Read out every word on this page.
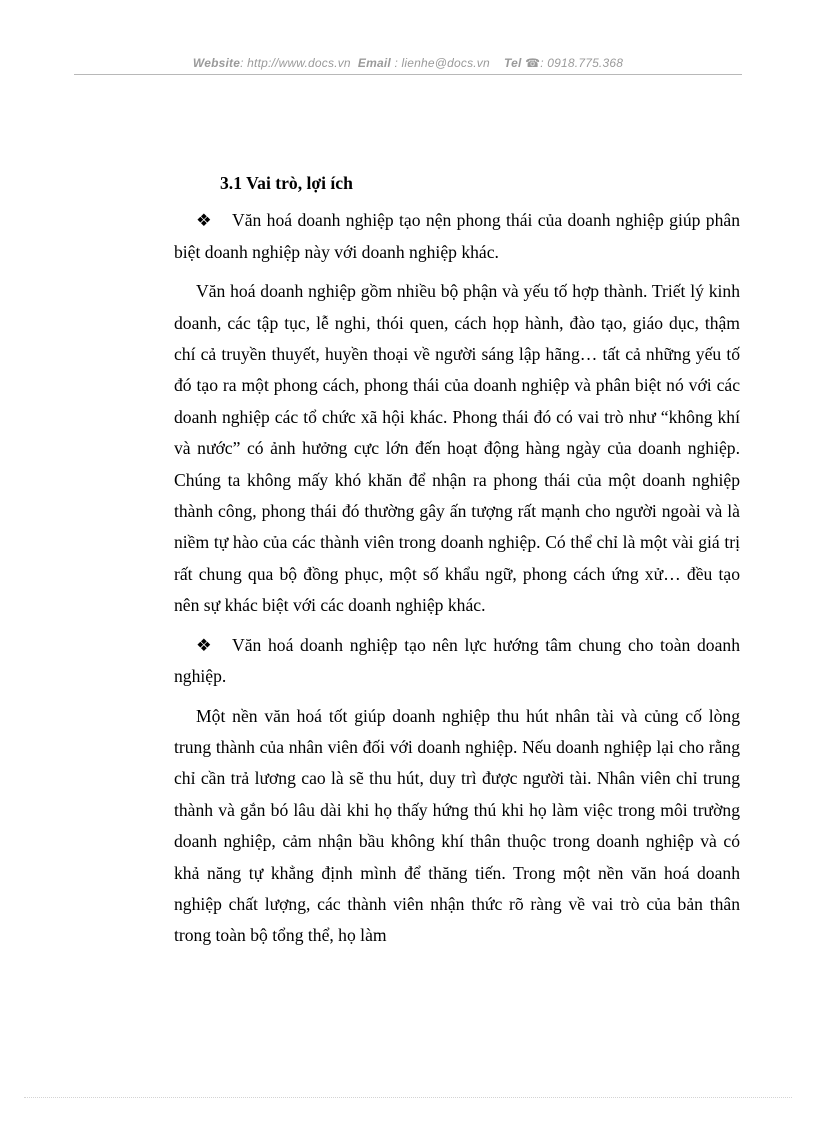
Website: http://www.docs.vn Email : lienhe@docs.vn Tel ☎: 0918.775.368

3.1 Vai trò, lợi ích

❖ Văn hoá doanh nghiệp tạo nện phong thái của doanh nghiệp giúp phân biệt doanh nghiệp này với doanh nghiệp khác.

Văn hoá doanh nghiệp gồm nhiều bộ phận và yếu tố hợp thành. Triết lý kinh doanh, các tập tục, lễ nghi, thói quen, cách họp hành, đào tạo, giáo dục, thậm chí cả truyền thuyết, huyền thoại về người sáng lập hãng… tất cả những yếu tố đó tạo ra một phong cách, phong thái của doanh nghiệp và phân biệt nó với các doanh nghiệp các tổ chức xã hội khác. Phong thái đó có vai trò như “không khí và nước” có ảnh hưởng cực lớn đến hoạt động hàng ngày của doanh nghiệp. Chúng ta không mấy khó khăn để nhận ra phong thái của một doanh nghiệp thành công, phong thái đó thường gây ấn tượng rất mạnh cho người ngoài và là niềm tự hào của các thành viên trong doanh nghiệp. Có thể chỉ là một vài giá trị rất chung qua bộ đồng phục, một số khẩu ngữ, phong cách ứng xử… đều tạo nên sự khác biệt với các doanh nghiệp khác.

❖ Văn hoá doanh nghiệp tạo nên lực hướng tâm chung cho toàn doanh nghiệp.

Một nền văn hoá tốt giúp doanh nghiệp thu hút nhân tài và củng cố lòng trung thành của nhân viên đối với doanh nghiệp. Nếu doanh nghiệp lại cho rằng chỉ cần trả lương cao là sẽ thu hút, duy trì được người tài. Nhân viên chỉ trung thành và gắn bó lâu dài khi họ thấy hứng thú khi họ làm việc trong môi trường doanh nghiệp, cảm nhận bầu không khí thân thuộc trong doanh nghiệp và có khả năng tự khẳng định mình để thăng tiến. Trong một nền văn hoá doanh nghiệp chất lượng, các thành viên nhận thức rõ ràng về vai trò của bản thân trong toàn bộ tổng thể, họ làm
